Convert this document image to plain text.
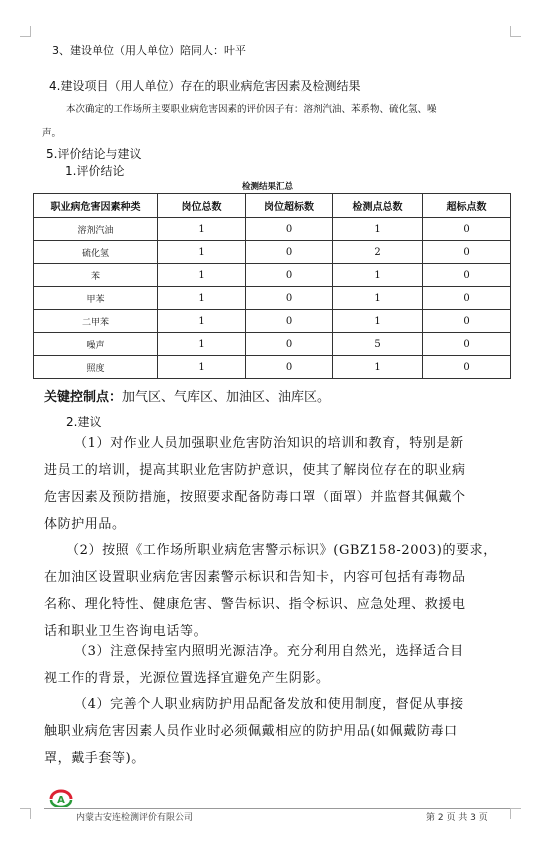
3、建设单位（用人单位）陪同人：叶平
4.建设项目（用人单位）存在的职业病危害因素及检测结果
本次确定的工作场所主要职业病危害因素的评价因子有：溶剂汽油、苯系物、硫化氢、噪
声。
5.评价结论与建议
1.评价结论
检测结果汇总
职业病危害因素种类	岗位总数	岗位超标数	检测点总数	超标点数
溶剂汽油	1	0	1	0
硫化氢	1	0	2	0
苯	1	0	1	0
甲苯	1	0	1	0
二甲苯	1	0	1	0
噪声	1	0	5	0
照度	1	0	1	0
关键控制点：加气区、气库区、加油区、油库区。
2.建议
（1）对作业人员加强职业危害防治知识的培训和教育，特别是新
进员工的培训，提高其职业危害防护意识，使其了解岗位存在的职业病
危害因素及预防措施，按照要求配备防毒口罩（面罩）并监督其佩戴个
体防护用品。
（2）按照《工作场所职业病危害警示标识》(GBZ158-2003)的要求，
在加油区设置职业病危害因素警示标识和告知卡，内容可包括有毒物品
名称、理化特性、健康危害、警告标识、指令标识、应急处理、救援电
话和职业卫生咨询电话等。
（3）注意保持室内照明光源洁净。充分利用自然光，选择适合目
视工作的背景，光源位置选择宜避免产生阴影。
（4）完善个人职业病防护用品配备发放和使用制度，督促从事接
触职业病危害因素人员作业时必须佩戴相应的防护用品(如佩戴防毒口
罩，戴手套等)。
A
内蒙古安连检测评价有限公司	第 2 页 共 3 页
